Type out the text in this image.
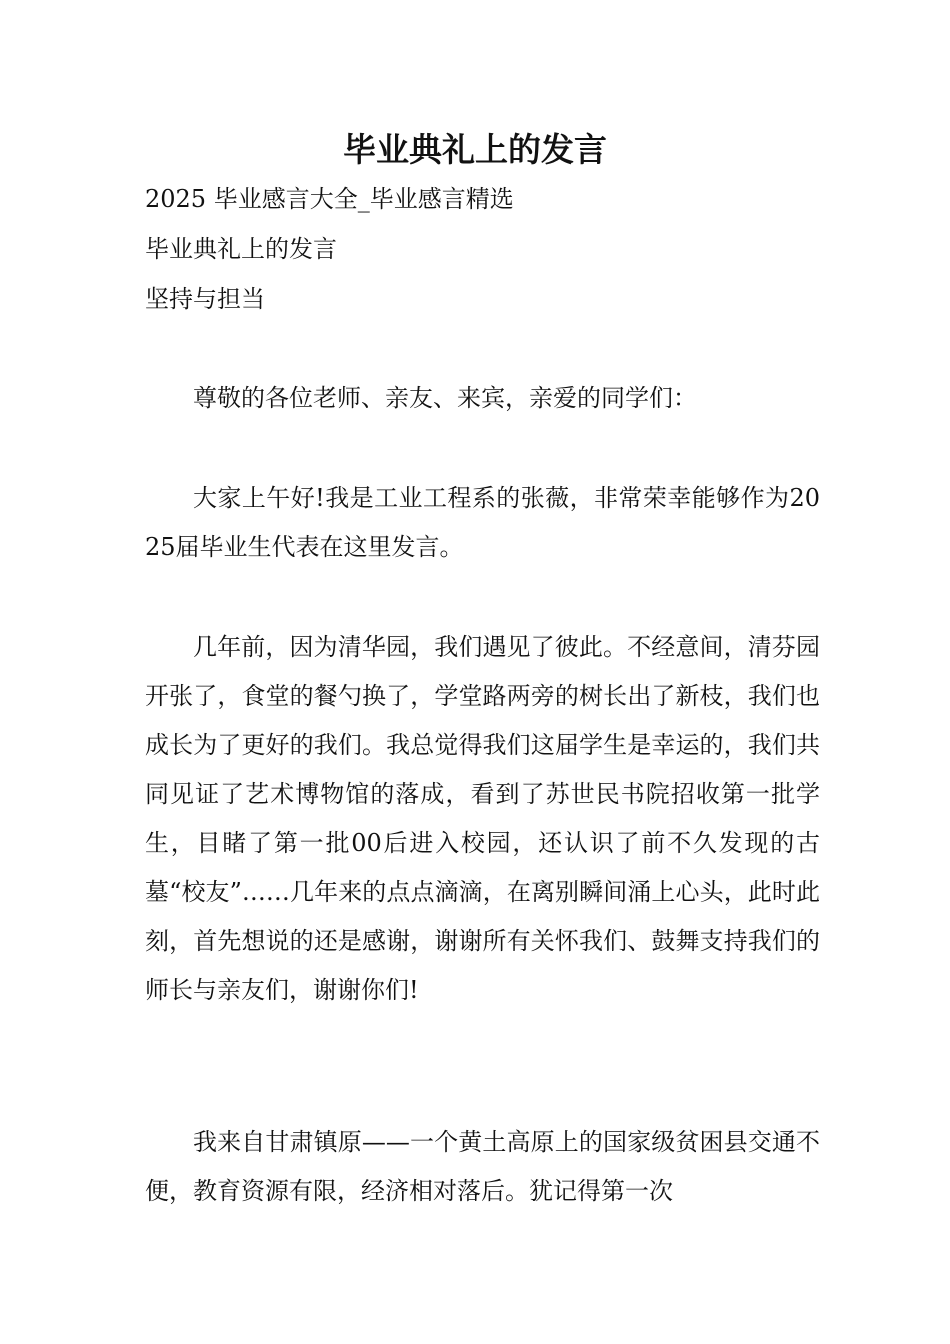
毕业典礼上的发言

2025 毕业感言大全_毕业感言精选

毕业典礼上的发言

坚持与担当

尊敬的各位老师、亲友、来宾，亲爱的同学们：

大家上午好!我是工业工程系的张薇，非常荣幸能够作为2025届毕业生代表在这里发言。

几年前，因为清华园，我们遇见了彼此。不经意间，清芬园开张了，食堂的餐勺换了，学堂路两旁的树长出了新枝，我们也成长为了更好的我们。我总觉得我们这届学生是幸运的，我们共同见证了艺术博物馆的落成，看到了苏世民书院招收第一批学生，目睹了第一批00后进入校园，还认识了前不久发现的古墓“校友”……几年来的点点滴滴，在离别瞬间涌上心头，此时此刻，首先想说的还是感谢，谢谢所有关怀我们、鼓舞支持我们的师长与亲友们，谢谢你们!

我来自甘肃镇原——一个黄土高原上的国家级贫困县交通不便，教育资源有限，经济相对落后。犹记得第一次
